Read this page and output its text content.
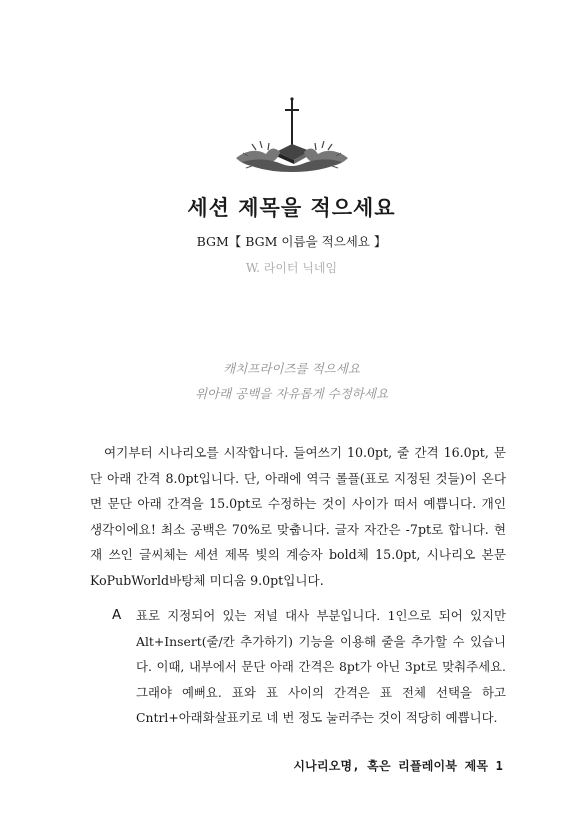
세션 제목을 적으세요
BGM【 BGM 이름을 적으세요 】
W. 라이터 닉네임
캐치프라이즈를 적으세요
위아래 공백을 자유롭게 수정하세요

여기부터 시나리오를 시작합니다. 들여쓰기 10.0pt, 줄 간격 16.0pt, 문단 아래 간격 8.0pt입니다. 단, 아래에 역극 롤플(표로 지정된 것들)이 온다면 문단 아래 간격을 15.0pt로 수정하는 것이 사이가 떠서 예쁩니다. 개인 생각이에요! 최소 공백은 70%로 맞춥니다. 글자 자간은 -7pt로 합니다. 현재 쓰인 글씨체는 세션 제목 빛의 계승자 bold체 15.0pt, 시나리오 본문 KoPubWorld바탕체 미디움 9.0pt입니다.

A	표로 지정되어 있는 저널 대사 부분입니다. 1인으로 되어 있지만 Alt+Insert(줄/칸 추가하기) 기능을 이용해 줄을 추가할 수 있습니다. 이때, 내부에서 문단 아래 간격은 8pt가 아닌 3pt로 맞춰주세요. 그래야 예뻐요. 표와 표 사이의 간격은 표 전체 선택을 하고 Cntrl+아래화살표키로 네 번 정도 눌러주는 것이 적당히 예쁩니다.
시나리오명, 혹은 리플레이북 제목 1
